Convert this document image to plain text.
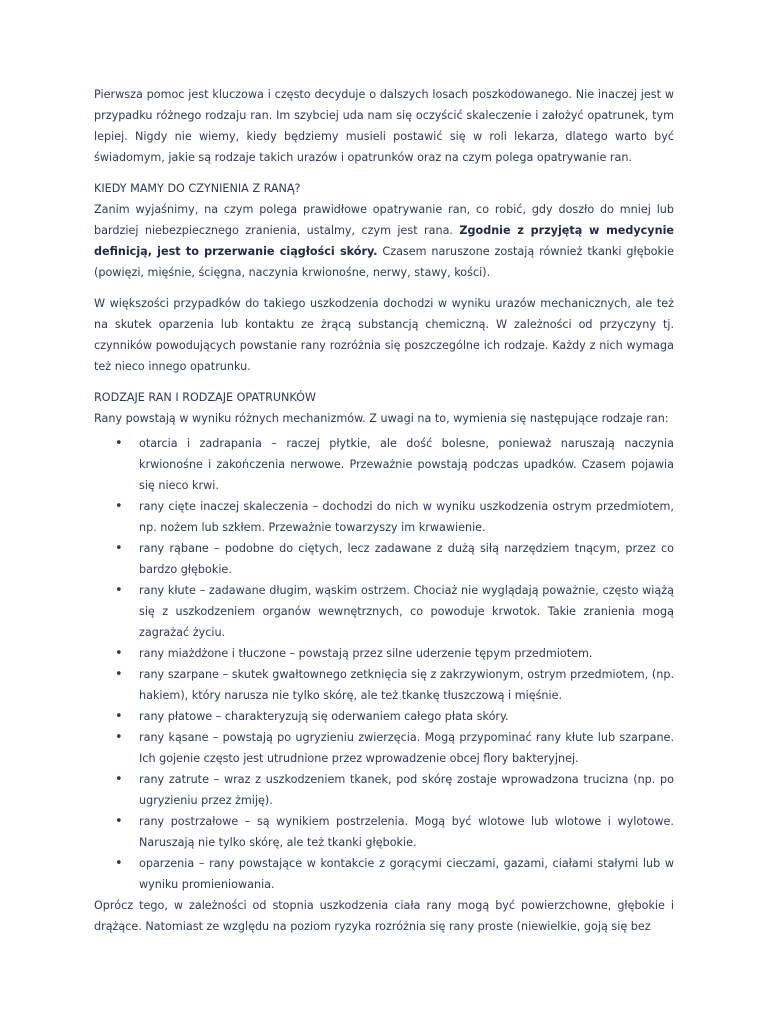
Pierwsza pomoc jest kluczowa i często decyduje o dalszych losach poszkodowanego. Nie inaczej jest w przypadku różnego rodzaju ran. Im szybciej uda nam się oczyścić skaleczenie i założyć opatrunek, tym lepiej. Nigdy nie wiemy, kiedy będziemy musieli postawić się w roli lekarza, dlatego warto być świadomym, jakie są rodzaje takich urazów i opatrunków oraz na czym polega opatrywanie ran.

KIEDY MAMY DO CZYNIENIA Z RANĄ?

Zanim wyjaśnimy, na czym polega prawidłowe opatrywanie ran, co robić, gdy doszło do mniej lub bardziej niebezpiecznego zranienia, ustalmy, czym jest rana. Zgodnie z przyjętą w medycynie definicją, jest to przerwanie ciągłości skóry. Czasem naruszone zostają również tkanki głębokie (powięzi, mięśnie, ścięgna, naczynia krwionośne, nerwy, stawy, kości).

W większości przypadków do takiego uszkodzenia dochodzi w wyniku urazów mechanicznych, ale też na skutek oparzenia lub kontaktu ze żrącą substancją chemiczną. W zależności od przyczyny tj. czynników powodujących powstanie rany rozróżnia się poszczególne ich rodzaje. Każdy z nich wymaga też nieco innego opatrunku.

RODZAJE RAN I RODZAJE OPATRUNKÓW

Rany powstają w wyniku różnych mechanizmów. Z uwagi na to, wymienia się następujące rodzaje ran:

• otarcia i zadrapania – raczej płytkie, ale dość bolesne, ponieważ naruszają naczynia krwionośne i zakończenia nerwowe. Przeważnie powstają podczas upadków. Czasem pojawia się nieco krwi.
• rany cięte inaczej skaleczenia – dochodzi do nich w wyniku uszkodzenia ostrym przedmiotem, np. nożem lub szkłem. Przeważnie towarzyszy im krwawienie.
• rany rąbane – podobne do ciętych, lecz zadawane z dużą siłą narzędziem tnącym, przez co bardzo głębokie.
• rany kłute – zadawane długim, wąskim ostrzem. Chociaż nie wyglądają poważnie, często wiążą się z uszkodzeniem organów wewnętrznych, co powoduje krwotok. Takie zranienia mogą zagrażać życiu.
• rany miażdżone i tłuczone – powstają przez silne uderzenie tępym przedmiotem.
• rany szarpane – skutek gwałtownego zetknięcia się z zakrzywionym, ostrym przedmiotem, (np. hakiem), który narusza nie tylko skórę, ale też tkankę tłuszczową i mięśnie.
• rany płatowe – charakteryzują się oderwaniem całego płata skóry.
• rany kąsane – powstają po ugryzieniu zwierzęcia. Mogą przypominać rany kłute lub szarpane. Ich gojenie często jest utrudnione przez wprowadzenie obcej flory bakteryjnej.
• rany zatrute – wraz z uszkodzeniem tkanek, pod skórę zostaje wprowadzona trucizna (np. po ugryzieniu przez żmiję).
• rany postrzałowe – są wynikiem postrzelenia. Mogą być wlotowe lub wlotowe i wylotowe. Naruszają nie tylko skórę, ale też tkanki głębokie.
• oparzenia – rany powstające w kontakcie z gorącymi cieczami, gazami, ciałami stałymi lub w wyniku promieniowania.

Oprócz tego, w zależności od stopnia uszkodzenia ciała rany mogą być powierzchowne, głębokie i drążące. Natomiast ze względu na poziom ryzyka rozróżnia się rany proste (niewielkie, goją się bez
